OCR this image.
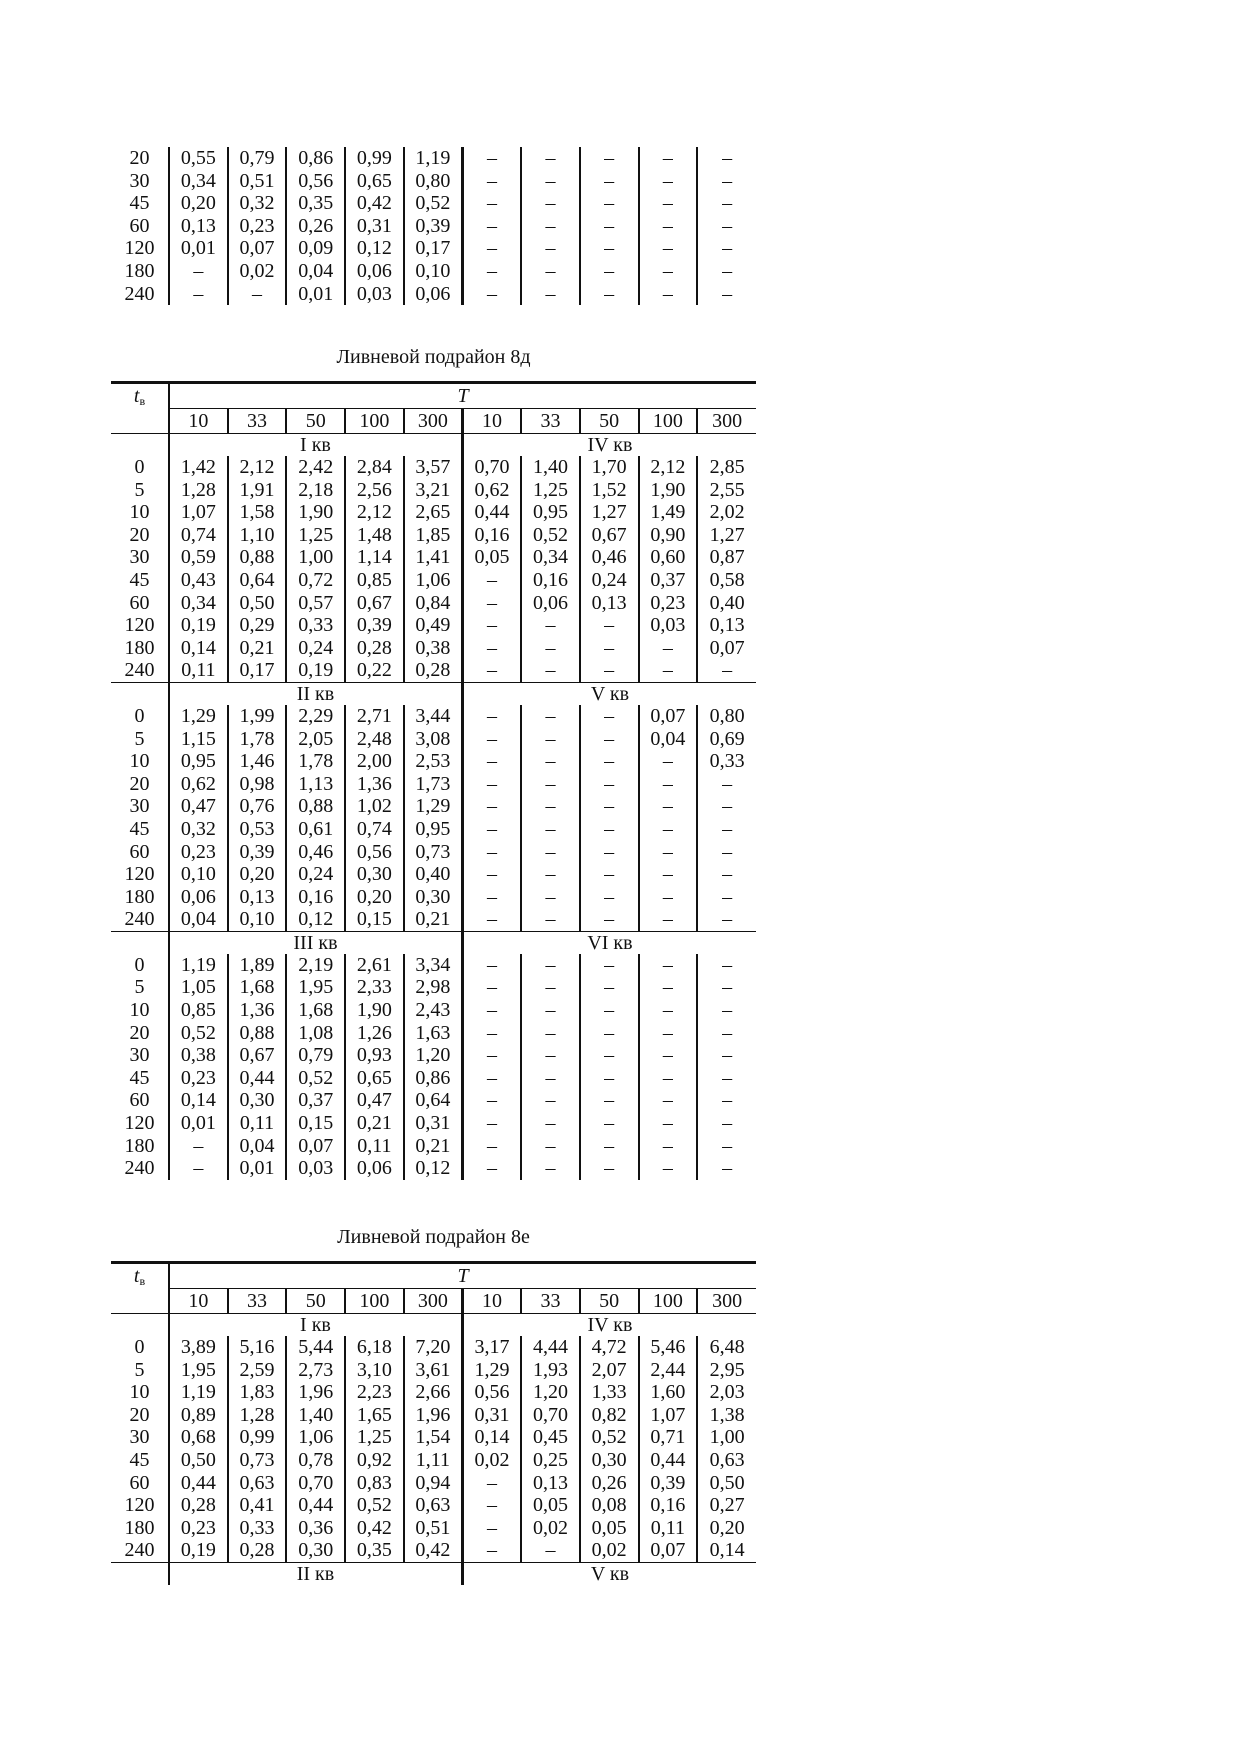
20	0,55	0,79	0,86	0,99	1,19	–	–	–	–	–
30	0,34	0,51	0,56	0,65	0,80	–	–	–	–	–
45	0,20	0,32	0,35	0,42	0,52	–	–	–	–	–
60	0,13	0,23	0,26	0,31	0,39	–	–	–	–	–
120	0,01	0,07	0,09	0,12	0,17	–	–	–	–	–
180	–	0,02	0,04	0,06	0,10	–	–	–	–	–
240	–	–	0,01	0,03	0,06	–	–	–	–	–
Ливневой подрайон 8д
$t_в$	T									
	10	33	50	100	300	10	33	50	100	300
	I кв					IV кв				
0	1,42	2,12	2,42	2,84	3,57	0,70	1,40	1,70	2,12	2,85
5	1,28	1,91	2,18	2,56	3,21	0,62	1,25	1,52	1,90	2,55
10	1,07	1,58	1,90	2,12	2,65	0,44	0,95	1,27	1,49	2,02
20	0,74	1,10	1,25	1,48	1,85	0,16	0,52	0,67	0,90	1,27
30	0,59	0,88	1,00	1,14	1,41	0,05	0,34	0,46	0,60	0,87
45	0,43	0,64	0,72	0,85	1,06	–	0,16	0,24	0,37	0,58
60	0,34	0,50	0,57	0,67	0,84	–	0,06	0,13	0,23	0,40
120	0,19	0,29	0,33	0,39	0,49	–	–	–	0,03	0,13
180	0,14	0,21	0,24	0,28	0,38	–	–	–	–	0,07
240	0,11	0,17	0,19	0,22	0,28	–	–	–	–	–
	II кв					V кв				
0	1,29	1,99	2,29	2,71	3,44	–	–	–	0,07	0,80
5	1,15	1,78	2,05	2,48	3,08	–	–	–	0,04	0,69
10	0,95	1,46	1,78	2,00	2,53	–	–	–	–	0,33
20	0,62	0,98	1,13	1,36	1,73	–	–	–	–	–
30	0,47	0,76	0,88	1,02	1,29	–	–	–	–	–
45	0,32	0,53	0,61	0,74	0,95	–	–	–	–	–
60	0,23	0,39	0,46	0,56	0,73	–	–	–	–	–
120	0,10	0,20	0,24	0,30	0,40	–	–	–	–	–
180	0,06	0,13	0,16	0,20	0,30	–	–	–	–	–
240	0,04	0,10	0,12	0,15	0,21	–	–	–	–	–
	III кв					VI кв				
0	1,19	1,89	2,19	2,61	3,34	–	–	–	–	–
5	1,05	1,68	1,95	2,33	2,98	–	–	–	–	–
10	0,85	1,36	1,68	1,90	2,43	–	–	–	–	–
20	0,52	0,88	1,08	1,26	1,63	–	–	–	–	–
30	0,38	0,67	0,79	0,93	1,20	–	–	–	–	–
45	0,23	0,44	0,52	0,65	0,86	–	–	–	–	–
60	0,14	0,30	0,37	0,47	0,64	–	–	–	–	–
120	0,01	0,11	0,15	0,21	0,31	–	–	–	–	–
180	–	0,04	0,07	0,11	0,21	–	–	–	–	–
240	–	0,01	0,03	0,06	0,12	–	–	–	–	–
Ливневой подрайон 8е
$t_в$	T									
	10	33	50	100	300	10	33	50	100	300
	I кв					IV кв				
0	3,89	5,16	5,44	6,18	7,20	3,17	4,44	4,72	5,46	6,48
5	1,95	2,59	2,73	3,10	3,61	1,29	1,93	2,07	2,44	2,95
10	1,19	1,83	1,96	2,23	2,66	0,56	1,20	1,33	1,60	2,03
20	0,89	1,28	1,40	1,65	1,96	0,31	0,70	0,82	1,07	1,38
30	0,68	0,99	1,06	1,25	1,54	0,14	0,45	0,52	0,71	1,00
45	0,50	0,73	0,78	0,92	1,11	0,02	0,25	0,30	0,44	0,63
60	0,44	0,63	0,70	0,83	0,94	–	0,13	0,26	0,39	0,50
120	0,28	0,41	0,44	0,52	0,63	–	0,05	0,08	0,16	0,27
180	0,23	0,33	0,36	0,42	0,51	–	0,02	0,05	0,11	0,20
240	0,19	0,28	0,30	0,35	0,42	–	–	0,02	0,07	0,14
	II кв					V кв				
